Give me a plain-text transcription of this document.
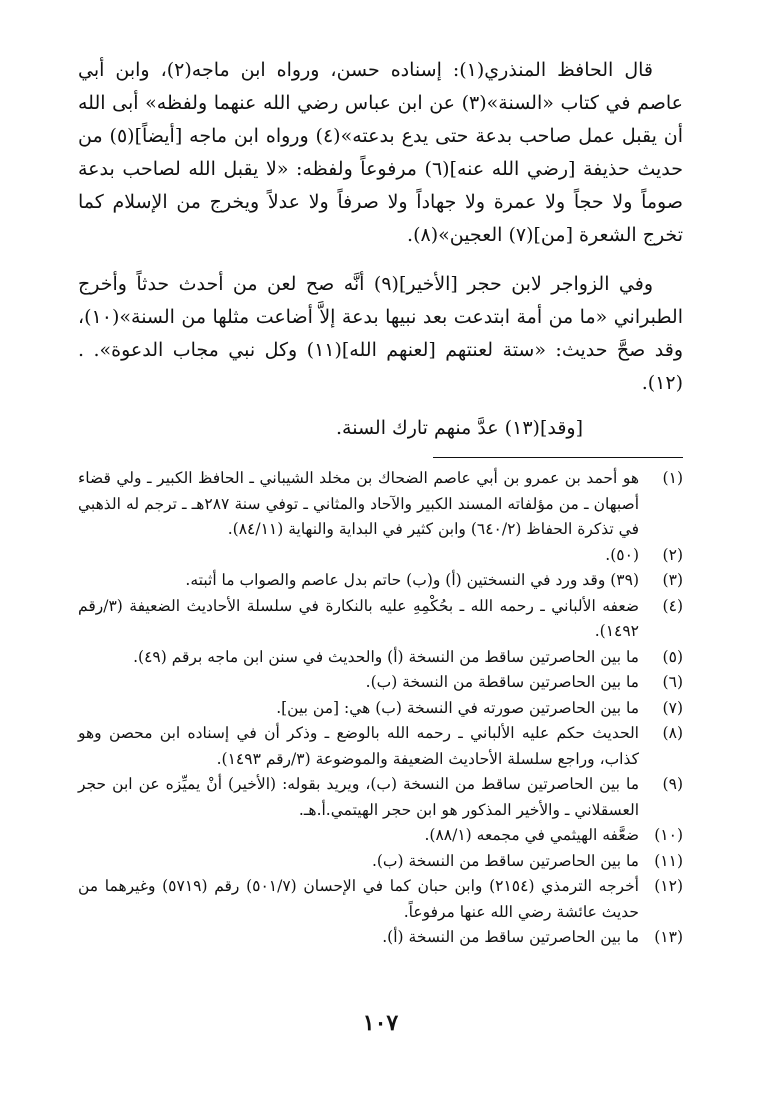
قال الحافظ المنذري(١): إسناده حسن، ورواه ابن ماجه(٢)، وابن أبي عاصم في كتاب «السنة»(٣) عن ابن عباس رضي الله عنهما ولفظه» أبى الله أن يقبل عمل صاحب بدعة حتى يدع بدعته»(٤) ورواه ابن ماجه [أيضاً](٥) من حديث حذيفة [رضي الله عنه](٦) مرفوعاً ولفظه: «لا يقبل الله لصاحب بدعة صوماً ولا حجاً ولا عمرة ولا جهاداً ولا صرفاً ولا عدلاً ويخرج من الإسلام كما تخرج الشعرة [من](٧) العجين»(٨).

وفي الزواجر لابن حجر [الأخير](٩) أنَّه صح لعن من أحدث حدثاً وأخرج الطبراني «ما من أمة ابتدعت بعد نبيها بدعة إلاَّ أضاعت مثلها من السنة»(١٠)، وقد صحَّ حديث: «ستة لعنتهم [لعنهم الله](١١) وكل نبي مجاب الدعوة». . (١٢).

[وقد](١٣) عدَّ منهم تارك السنة.

(١)
هو أحمد بن عمرو بن أبي عاصم الضحاك بن مخلد الشيباني ـ الحافظ الكبير ـ ولي قضاء أصبهان ـ من مؤلفاته المسند الكبير والآحاد والمثاني ـ توفي سنة ٢٨٧هـ ـ ترجم له الذهبي في تذكرة الحفاظ (٦٤٠/٢) وابن كثير في البداية والنهاية (٨٤/١١).
(٢)
(٥٠).
(٣)
(٣٩) وقد ورد في النسختين (أ) و(ب) حاتم بدل عاصم والصواب ما أثبته.
(٤)
ضعفه الألباني ـ رحمه الله ـ بحُكْمِهِ عليه بالنكارة في سلسلة الأحاديث الضعيفة (٣/رقم ١٤٩٢).
(٥)
ما بين الحاصرتين ساقط من النسخة (أ) والحديث في سنن ابن ماجه برقم (٤٩).
(٦)
ما بين الحاصرتين ساقطة من النسخة (ب).
(٧)
ما بين الحاصرتين صورته في النسخة (ب) هي: [من بين].
(٨)
الحديث حكم عليه الألباني ـ رحمه الله بالوضع ـ وذكر أن في إسناده ابن محصن وهو كذاب، وراجع سلسلة الأحاديث الضعيفة والموضوعة (٣/رقم ١٤٩٣).
(٩)
ما بين الحاصرتين ساقط من النسخة (ب)، ويريد بقوله: (الأخير) أنْ يميِّزه عن ابن حجر العسقلاني ـ والأخير المذكور هو ابن حجر الهيتمي.أ.هـ.
(١٠)
ضعَّفه الهيثمي في مجمعه (٨٨/١).
(١١)
ما بين الحاصرتين ساقط من النسخة (ب).
(١٢)
أخرجه الترمذي (٢١٥٤) وابن حبان كما في الإحسان (٥٠١/٧) رقم (٥٧١٩) وغيرهما من حديث عائشة رضي الله عنها مرفوعاً.
(١٣)
ما بين الحاصرتين ساقط من النسخة (أ).
١٠٧
